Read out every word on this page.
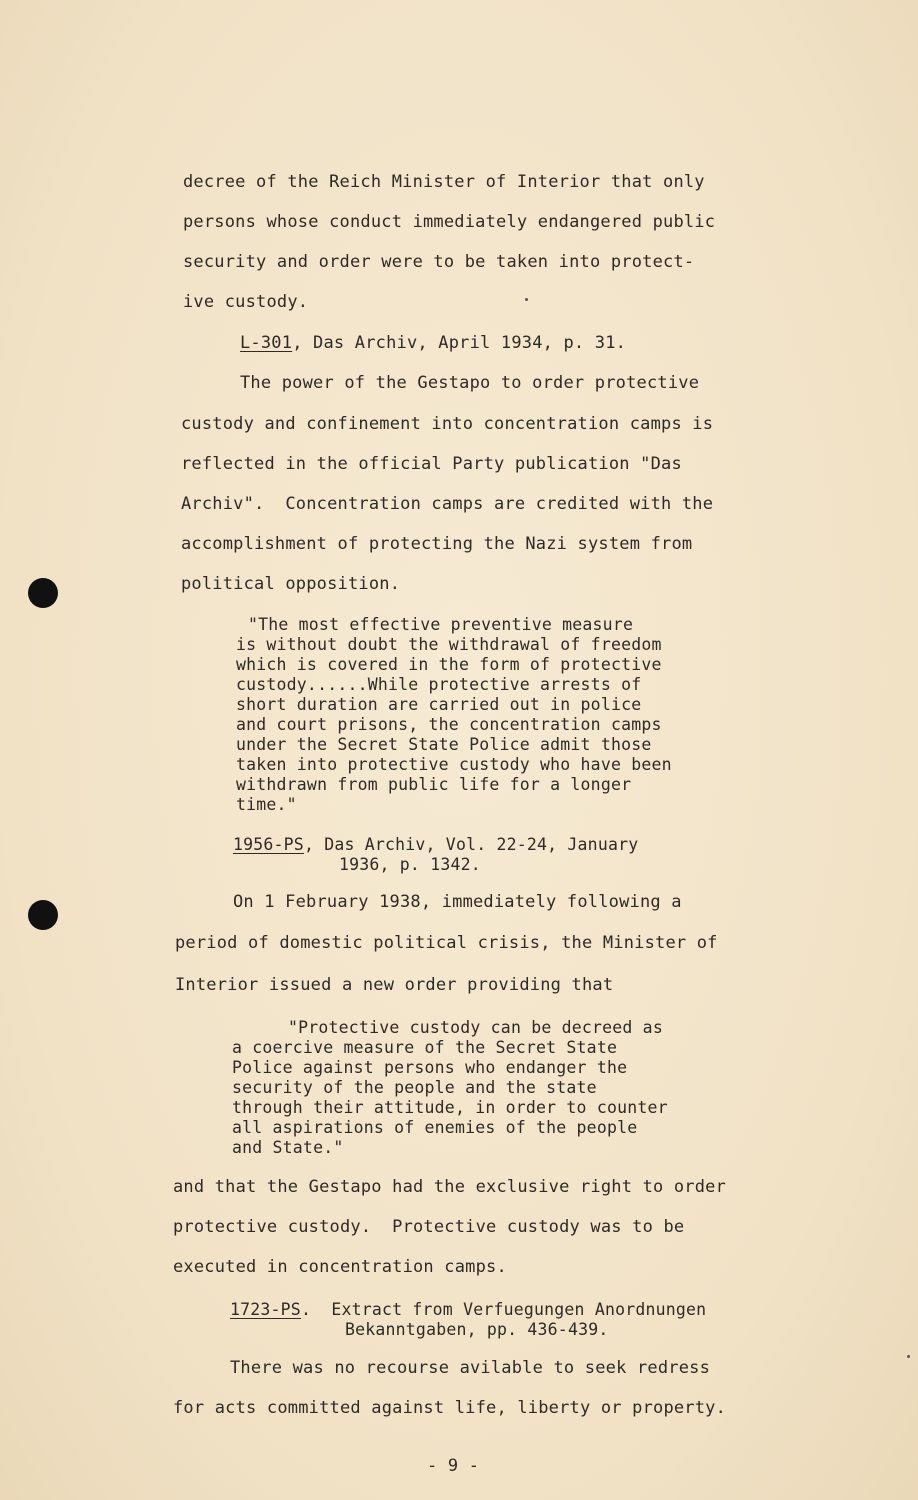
decree of the Reich Minister of Interior that only
persons whose conduct immediately endangered public
security and order were to be taken into protect-
ive custody.
L-301, Das Archiv, April 1934, p. 31.
The power of the Gestapo to order protective
custody and confinement into concentration camps is
reflected in the official Party publication "Das
Archiv".  Concentration camps are credited with the
accomplishment of protecting the Nazi system from
political opposition.
"The most effective preventive measure
is without doubt the withdrawal of freedom
which is covered in the form of protective
custody......While protective arrests of
short duration are carried out in police
and court prisons, the concentration camps
under the Secret State Police admit those
taken into protective custody who have been
withdrawn from public life for a longer
time."
1956-PS, Das Archiv, Vol. 22-24, January
1936, p. 1342.
On 1 February 1938, immediately following a
period of domestic political crisis, the Minister of
Interior issued a new order providing that
"Protective custody can be decreed as
a coercive measure of the Secret State
Police against persons who endanger the
security of the people and the state
through their attitude, in order to counter
all aspirations of enemies of the people
and State."
and that the Gestapo had the exclusive right to order
protective custody.  Protective custody was to be
executed in concentration camps.
1723-PS.  Extract from Verfuegungen Anordnungen
Bekanntgaben, pp. 436-439.
There was no recourse avilable to seek redress
for acts committed against life, liberty or property.
- 9 -
